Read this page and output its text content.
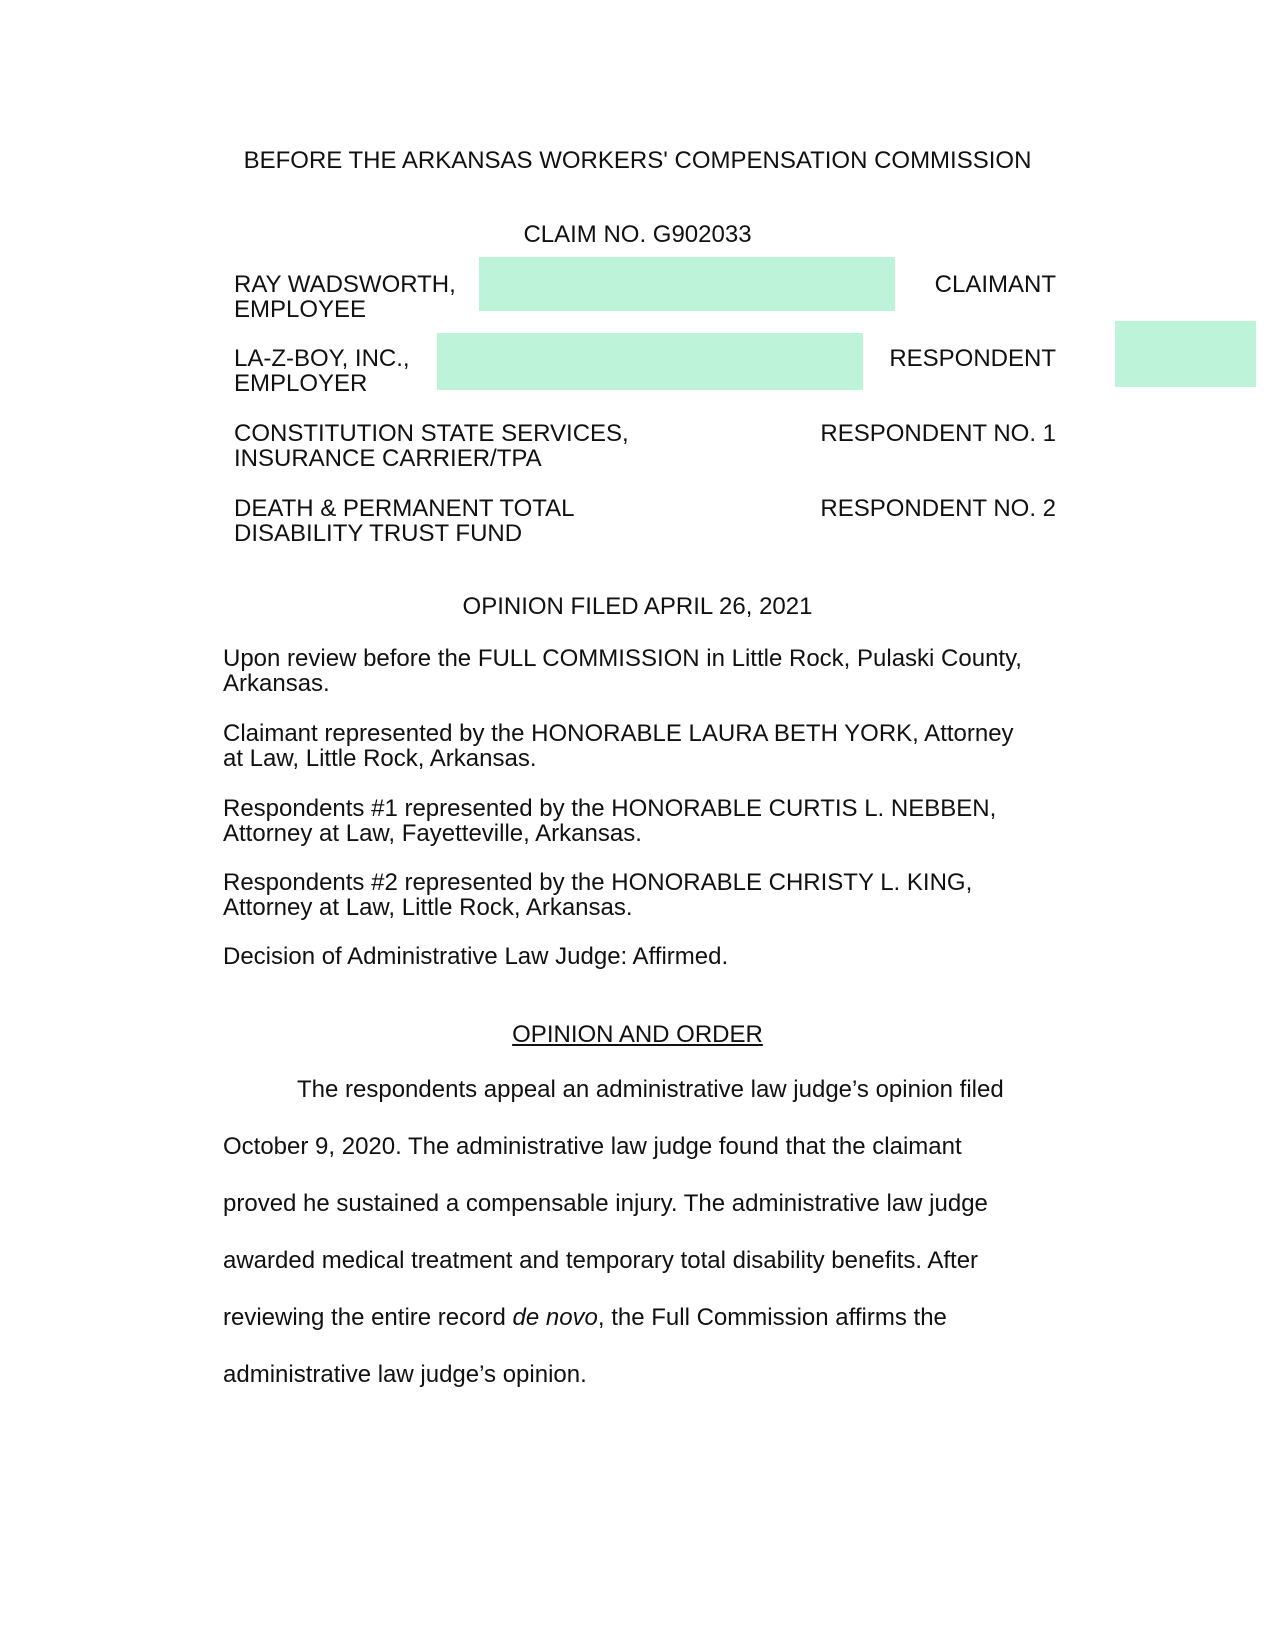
BEFORE THE ARKANSAS WORKERS' COMPENSATION COMMISSION
CLAIM NO. G902033
RAY WADSWORTH,
EMPLOYEE
CLAIMANT
LA-Z-BOY, INC.,
EMPLOYER
RESPONDENT
CONSTITUTION STATE SERVICES,
INSURANCE CARRIER/TPA
RESPONDENT NO. 1
DEATH & PERMANENT TOTAL
DISABILITY TRUST FUND
RESPONDENT NO. 2
OPINION FILED APRIL 26, 2021
Upon review before the FULL COMMISSION in Little Rock, Pulaski County,
Arkansas.
Claimant represented by the HONORABLE LAURA BETH YORK, Attorney
at Law, Little Rock, Arkansas.
Respondents #1 represented by the HONORABLE CURTIS L. NEBBEN,
Attorney at Law, Fayetteville, Arkansas.
Respondents #2 represented by the HONORABLE CHRISTY L. KING,
Attorney at Law, Little Rock, Arkansas.
Decision of Administrative Law Judge: Affirmed.
OPINION AND ORDER
The respondents appeal an administrative law judge’s opinion filed
October 9, 2020. The administrative law judge found that the claimant
proved he sustained a compensable injury. The administrative law judge
awarded medical treatment and temporary total disability benefits. After
reviewing the entire record de novo, the Full Commission affirms the
administrative law judge’s opinion.
